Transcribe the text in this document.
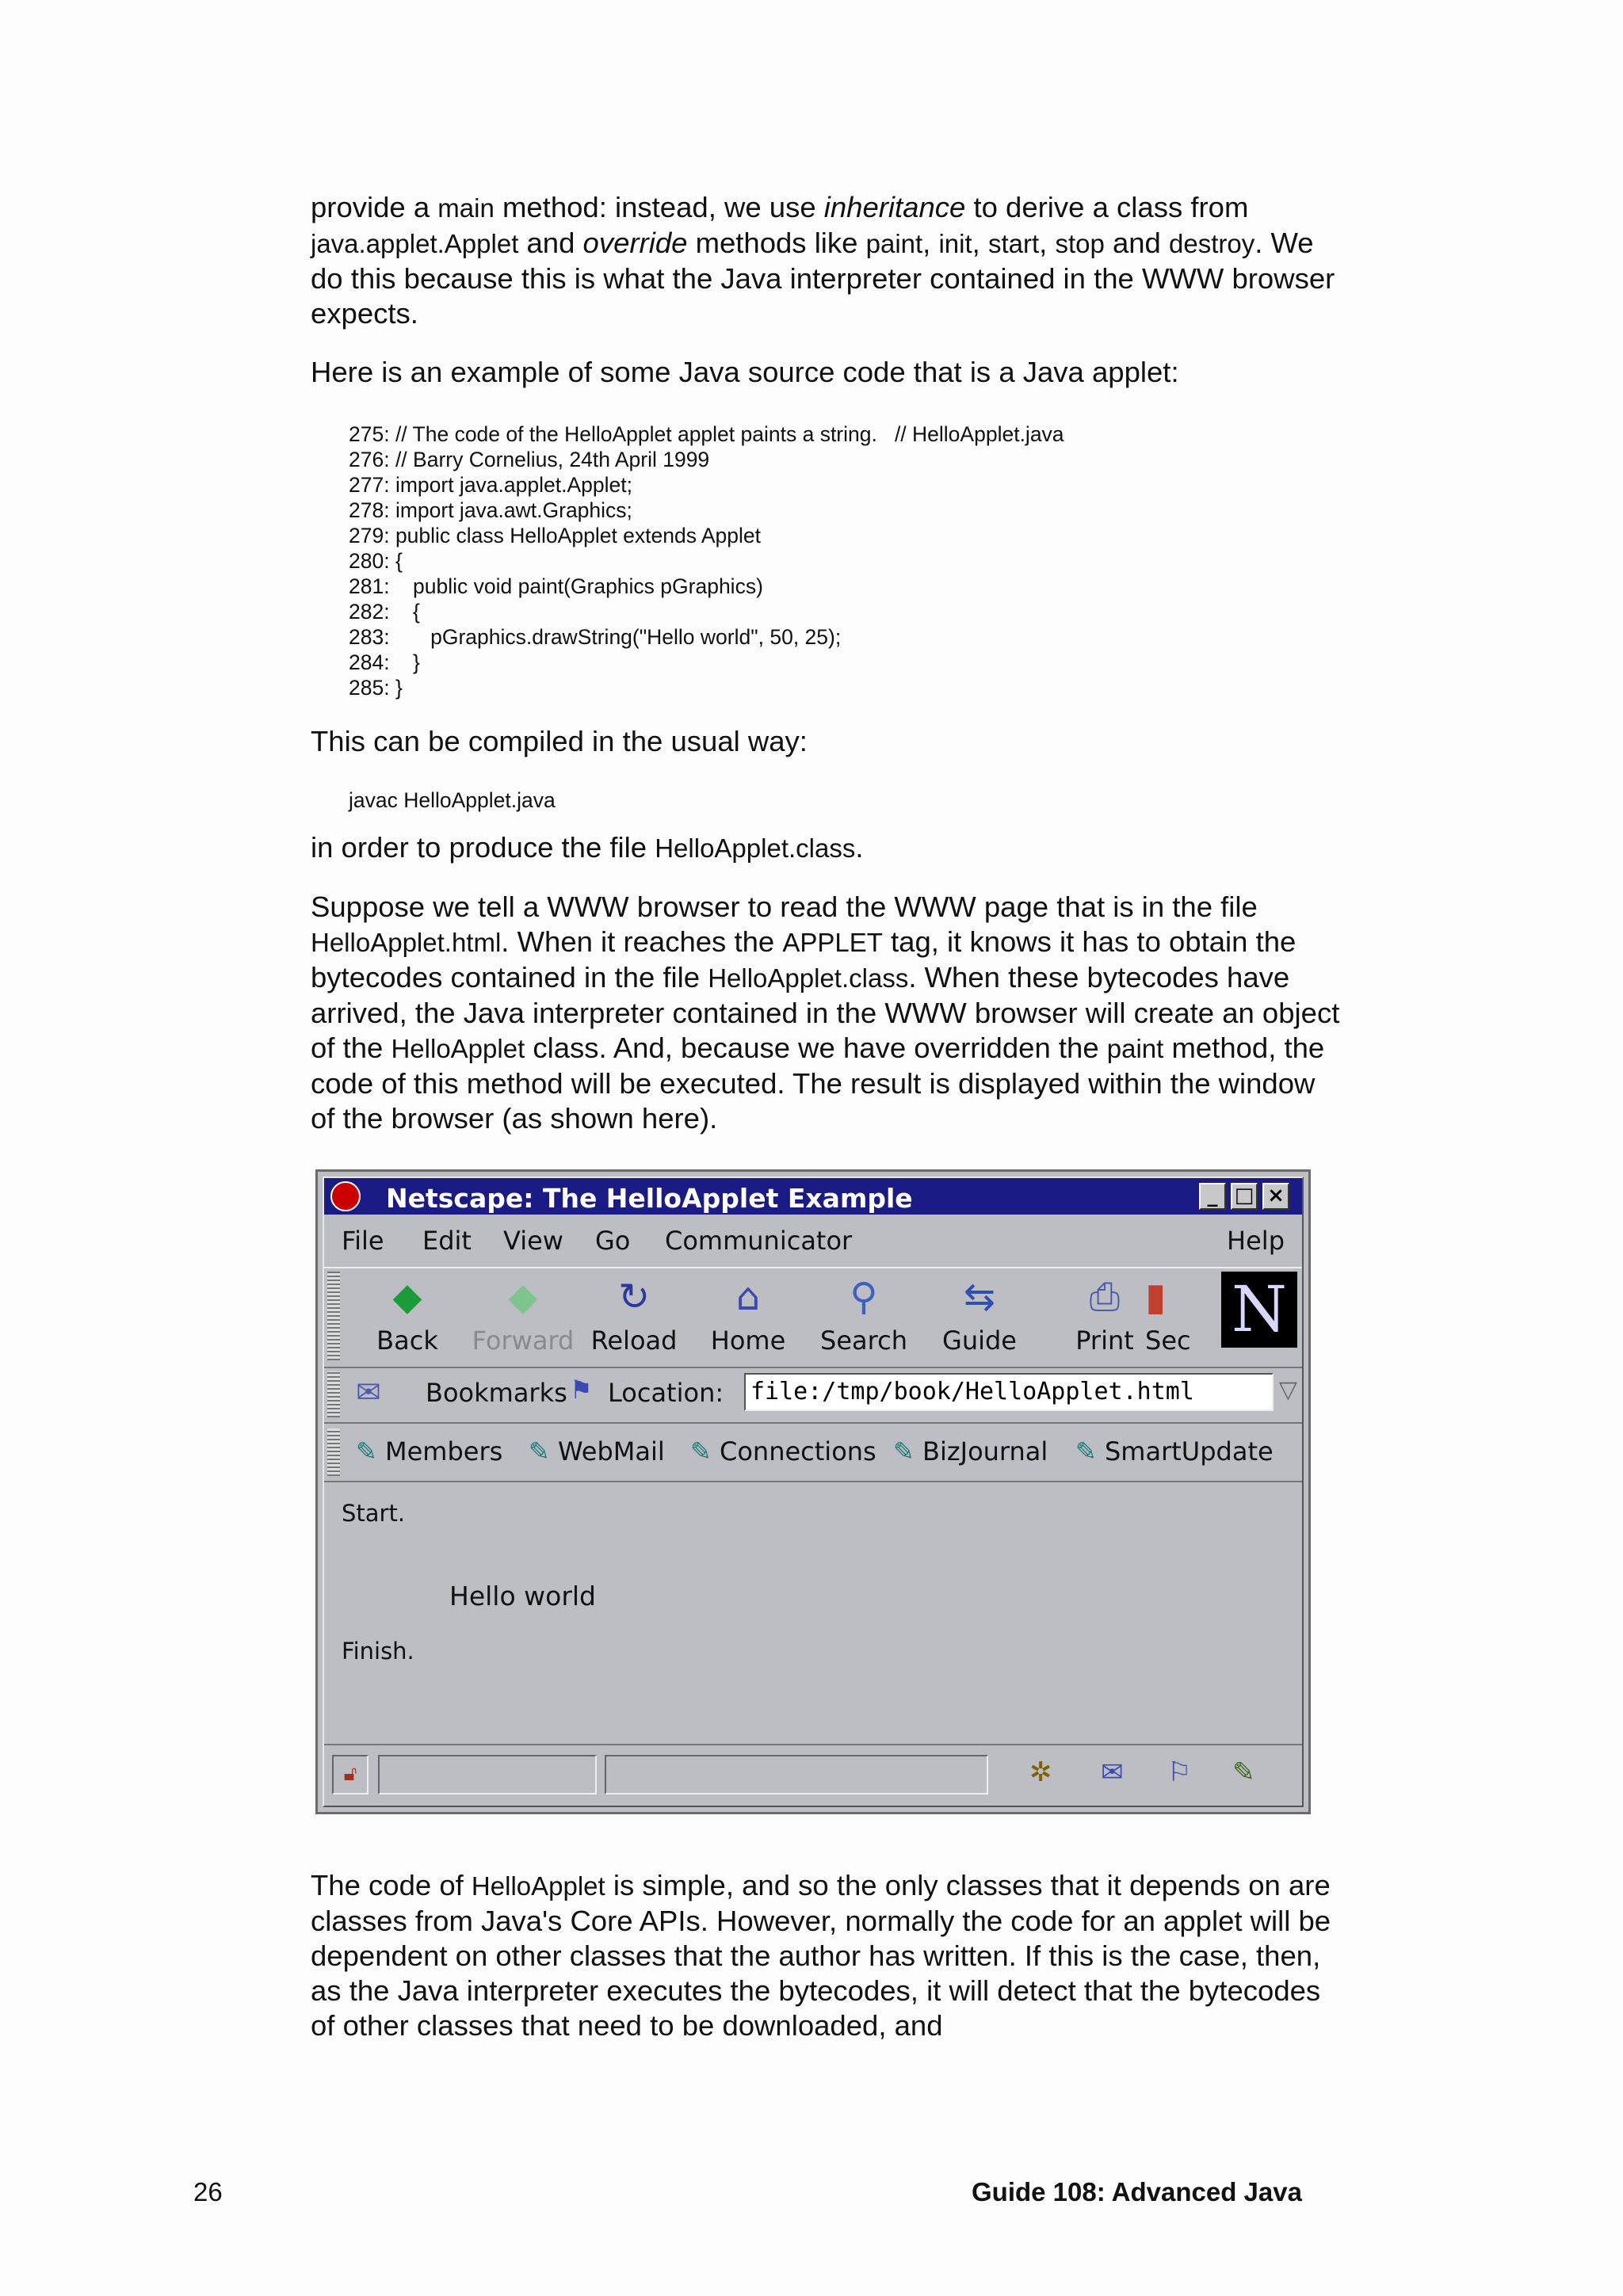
provide a main method: instead, we use inheritance to derive a class from
java.applet.Applet and override methods like paint, init, start, stop and destroy. We do this because this is what the Java interpreter contained in the WWW browser expects.

Here is an example of some Java source code that is a Java applet:

275: // The code of the HelloApplet applet paints a string.   // HelloApplet.java

276: // Barry Cornelius, 24th April 1999

277: import java.applet.Applet;

278: import java.awt.Graphics;

279: public class HelloApplet extends Applet

280: {

281:    public void paint(Graphics pGraphics)

282:    {

283:       pGraphics.drawString("Hello world", 50, 25);

284:    }

285: }

This can be compiled in the usual way:

javac HelloApplet.java

in order to produce the file HelloApplet.class.

Suppose we tell a WWW browser to read the WWW page that is in the file HelloApplet.html. When it reaches the APPLET tag, it knows it has to obtain the bytecodes contained in the file HelloApplet.class. When these bytecodes have arrived, the Java interpreter contained in the WWW browser will create an object of the HelloApplet class. And, because we have overridden the paint method, the code of this method will be executed. The result is displayed within the window of the browser (as shown here).

Netscape: The HelloApplet Example	_ □ ×
File Edit View Go Communicator	Help
◆
Back
◆
Forward
↻
Reload
⌂
Home
⚲
Search
⇆
Guide
⎙
Print
▮
Sec N
✉ Bookmarks ⚑ Location: file:/tmp/book/HelloApplet.html	▽
✎ Members ✎ WebMail ✎ Connections ✎ BizJournal ✎ SmartUpdate
Start.
Hello world
Finish.
🔓︎	✲ ✉ ⚐ ✎

The code of HelloApplet is simple, and so the only classes that it depends on are classes from Java's Core APIs. However, normally the code for an applet will be dependent on other classes that the author has written. If this is the case, then, as the Java interpreter executes the bytecodes, it will detect that the bytecodes of other classes that need to be downloaded, and

26	Guide 108: Advanced Java
